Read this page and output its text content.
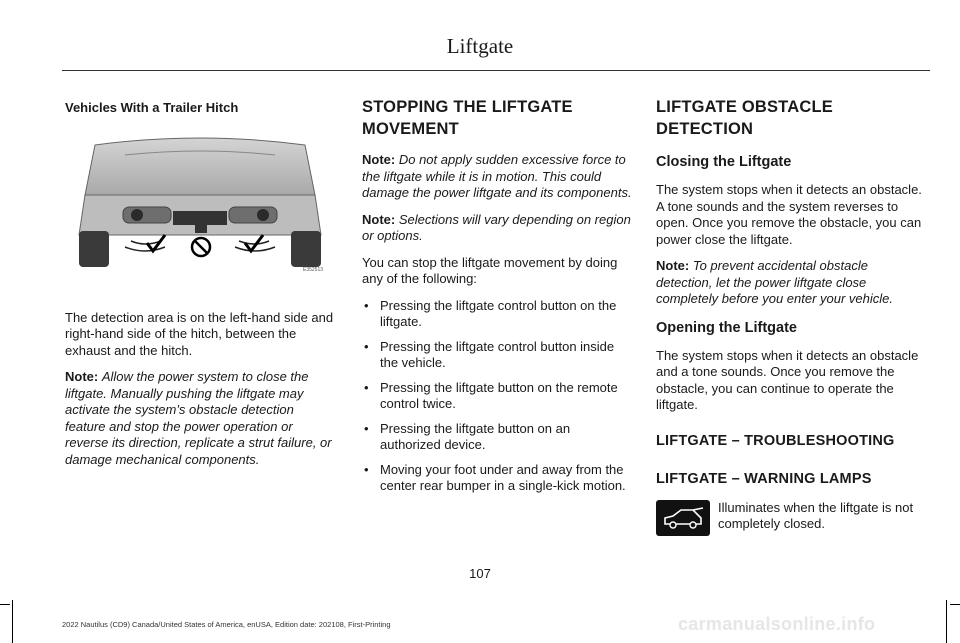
Liftgate

Vehicles With a Trailer Hitch

E352513

The detection area is on the left-hand side and right-hand side of the hitch, between the exhaust and the hitch.

Note: Allow the power system to close the liftgate. Manually pushing the liftgate may activate the system’s obstacle detection feature and stop the power operation or reverse its direction, replicate a strut failure, or damage mechanical components.

STOPPING THE LIFTGATE
MOVEMENT

Note: Do not apply sudden excessive force to the liftgate while it is in motion. This could damage the power liftgate and its components.

Note: Selections will vary depending on region or options.

You can stop the liftgate movement by doing any of the following:

• Pressing the liftgate control button on the liftgate.
• Pressing the liftgate control button inside the vehicle.
• Pressing the liftgate button on the remote control twice.
• Pressing the liftgate button on an authorized device.
• Moving your foot under and away from the center rear bumper in a single-kick motion.
LIFTGATE OBSTACLE DETECTION
Closing the Liftgate

The system stops when it detects an obstacle. A tone sounds and the system reverses to open. Once you remove the obstacle, you can power close the liftgate.

Note: To prevent accidental obstacle detection, let the power liftgate close completely before you enter your vehicle.

Opening the Liftgate

The system stops when it detects an obstacle and a tone sounds. Once you remove the obstacle, you can continue to operate the liftgate.

LIFTGATE – TROUBLESHOOTING
LIFTGATE – WARNING LAMPS

Illuminates when the liftgate is not completely closed.

107
2022 Nautilus (CD9) Canada/United States of America, enUSA, Edition date: 202108, First-Printing	carmanualsonline.info
